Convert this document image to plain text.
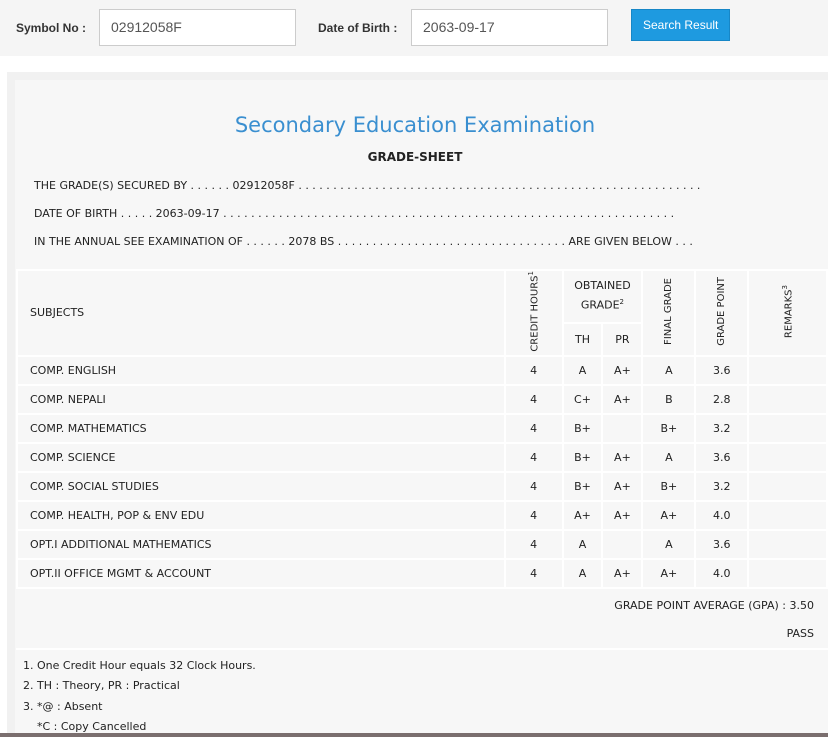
Symbol No :	02912058F	Date of Birth :	2063-09-17	Search Result
Secondary Education Examination
GRADE-SHEET
THE GRADE(S) SECURED BY . . . . . . 02912058F . . . . . . . . . . . . . . . . . . . . . . . . . . . . . . . . . . . . . . . . . . . . . . . . . . . . . . . . . .
DATE OF BIRTH . . . . . 2063-09-17 . . . . . . . . . . . . . . . . . . . . . . . . . . . . . . . . . . . . . . . . . . . . . . . . . . . . . . . . . . . . . . . . .
IN THE ANNUAL SEE EXAMINATION OF . . . . . . 2078 BS . . . . . . . . . . . . . . . . . . . . . . . . . . . . . . . . . ARE GIVEN BELOW . . .
SUBJECTS	CREDIT HOURS$^1$	OBTAINED GRADE$^2$		FINAL GRADE	GRADE POINT	REMARKS$^3$
		TH	PR			
COMP. ENGLISH	4	A	A+	A	3.6	
COMP. NEPALI	4	C+	A+	B	2.8	
COMP. MATHEMATICS	4	B+		B+	3.2	
COMP. SCIENCE	4	B+	A+	A	3.6	
COMP. SOCIAL STUDIES	4	B+	A+	B+	3.2	
COMP. HEALTH, POP & ENV EDU	4	A+	A+	A+	4.0	
OPT.I ADDITIONAL MATHEMATICS	4	A		A	3.6	
OPT.II OFFICE MGMT & ACCOUNT	4	A	A+	A+	4.0	
GRADE POINT AVERAGE (GPA) : 3.50
PASS
1. One Credit Hour equals 32 Clock Hours.
2. TH : Theory, PR : Practical
3. *@ : Absent
*C : Copy Cancelled
